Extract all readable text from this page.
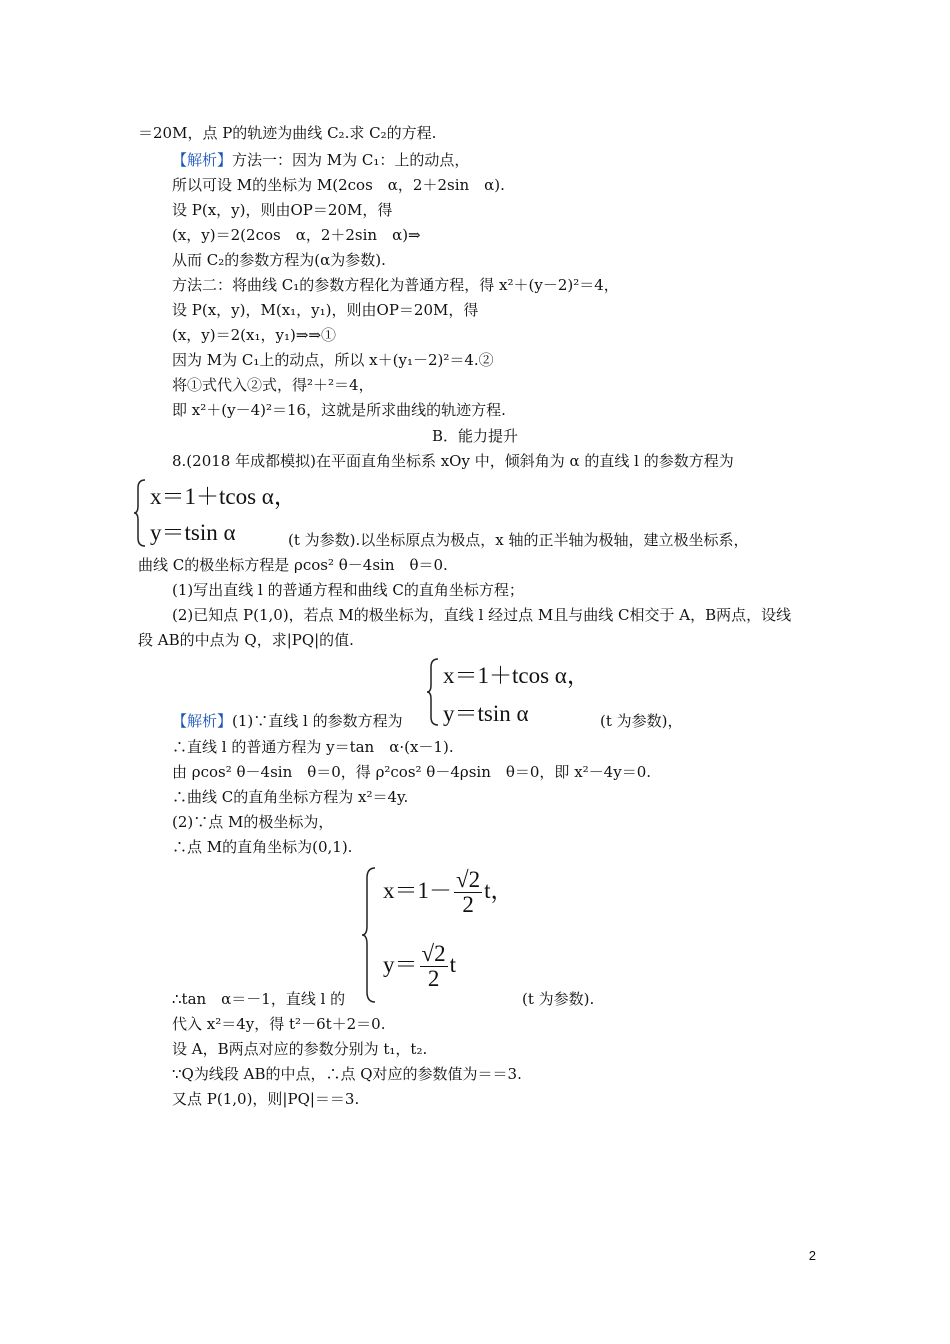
＝20M，点 P的轨迹为曲线 C₂.求 C₂的方程.
【解析】方法一：因为 M为 C₁：上的动点，
所以可设 M的坐标为 M(2cos　α，2＋2sin　α).
设 P(x，y)，则由OP＝20M，得
(x，y)＝2(2cos　α，2＋2sin　α)⇒
从而 C₂的参数方程为(α为参数).
方法二：将曲线 C₁的参数方程化为普通方程，得 x²＋(y－2)²＝4，
设 P(x，y)，M(x₁，y₁)，则由OP＝20M，得
(x，y)＝2(x₁，y₁)⇒⇒①
因为 M为 C₁上的动点，所以 x＋(y₁－2)²＝4.②
将①式代入②式，得²＋²＝4，
即 x²＋(y－4)²＝16，这就是所求曲线的轨迹方程.
B．能力提升
8.(2018 年成都模拟)在平面直角坐标系 xOy 中，倾斜角为 α 的直线 l 的参数方程为
x＝1＋tcos α，
y＝tsin α	(t 为参数).以坐标原点为极点，x 轴的正半轴为极轴，建立极坐标系，
曲线 C的极坐标方程是 ρcos² θ－4sin　θ＝0.
(1)写出直线 l 的普通方程和曲线 C的直角坐标方程；
(2)已知点 P(1,0)，若点 M的极坐标为，直线 l 经过点 M且与曲线 C相交于 A，B两点，设线
段 AB的中点为 Q，求|PQ|的值.
x＝1＋tcos α，
y＝tsin α
【解析】(1)∵直线 l 的参数方程为	(t 为参数)，
∴直线 l 的普通方程为 y＝tan　α·(x－1).
由 ρcos² θ－4sin　θ＝0，得 ρ²cos² θ－4ρsin　θ＝0，即 x²－4y＝0.
∴曲线 C的直角坐标方程为 x²＝4y.
(2)∵点 M的极坐标为，
∴点 M的直角坐标为(0,1).
$x=1- \frac{√2}{2}$ t，
$y= \frac{√2}{2}$ t
∴tan　α＝－1，直线 l 的	(t 为参数).
代入 x²＝4y，得 t²－6t＋2＝0.
设 A，B两点对应的参数分别为 t₁，t₂.
∵Q为线段 AB的中点，∴点 Q对应的参数值为＝＝3.
又点 P(1,0)，则|PQ|＝＝3.
2
